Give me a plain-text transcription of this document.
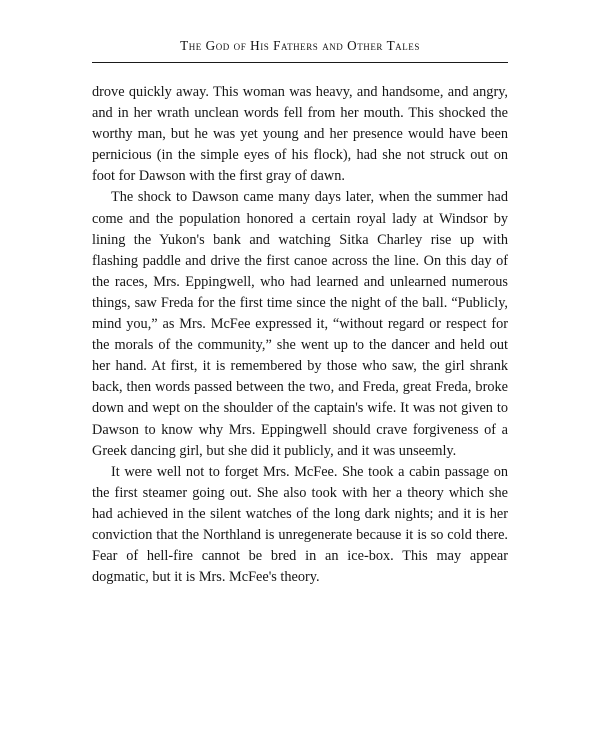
The God of His Fathers and Other Tales

drove quickly away. This woman was heavy, and handsome, and angry, and in her wrath unclean words fell from her mouth. This shocked the worthy man, but he was yet young and her presence would have been pernicious (in the simple eyes of his flock), had she not struck out on foot for Dawson with the first gray of dawn.

The shock to Dawson came many days later, when the summer had come and the population honored a certain royal lady at Windsor by lining the Yukon's bank and watching Sitka Charley rise up with flashing paddle and drive the first canoe across the line. On this day of the races, Mrs. Eppingwell, who had learned and unlearned numerous things, saw Freda for the first time since the night of the ball. “Publicly, mind you,” as Mrs. McFee expressed it, “without regard or respect for the morals of the community,” she went up to the dancer and held out her hand. At first, it is remembered by those who saw, the girl shrank back, then words passed between the two, and Freda, great Freda, broke down and wept on the shoulder of the captain's wife. It was not given to Dawson to know why Mrs. Eppingwell should crave forgiveness of a Greek dancing girl, but she did it publicly, and it was unseemly.

It were well not to forget Mrs. McFee. She took a cabin passage on the first steamer going out. She also took with her a theory which she had achieved in the silent watches of the long dark nights; and it is her conviction that the Northland is unregenerate because it is so cold there. Fear of hell-fire cannot be bred in an ice-box. This may appear dogmatic, but it is Mrs. McFee's theory.
